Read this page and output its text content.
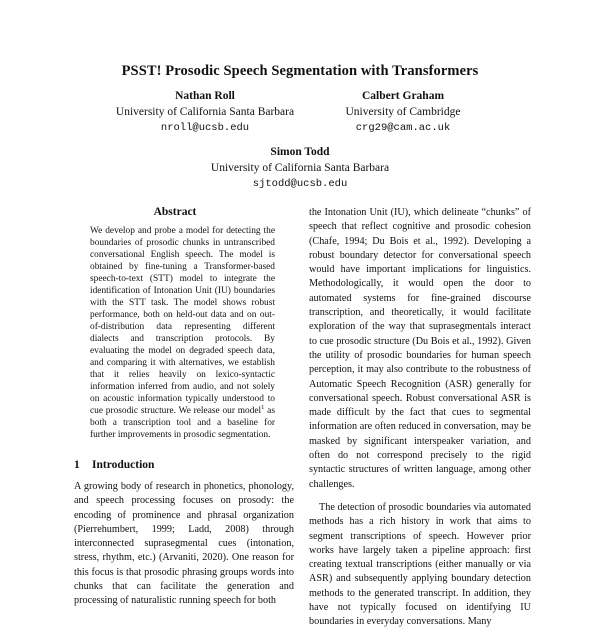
PSST! Prosodic Speech Segmentation with Transformers
Nathan Roll
University of California Santa Barbara
nroll@ucsb.edu
Calbert Graham
University of Cambridge
crg29@cam.ac.uk
Simon Todd
University of California Santa Barbara
sjtodd@ucsb.edu
Abstract
We develop and probe a model for detecting the boundaries of prosodic chunks in untranscribed conversational English speech. The model is obtained by fine-tuning a Transformer-based speech-to-text (STT) model to integrate the identification of Intonation Unit (IU) boundaries with the STT task. The model shows robust performance, both on held-out data and on out-of-distribution data representing different dialects and transcription protocols. By evaluating the model on degraded speech data, and comparing it with alternatives, we establish that it relies heavily on lexico-syntactic information inferred from audio, and not solely on acoustic information typically understood to cue prosodic structure. We release our model$^1$ as both a transcription tool and a baseline for further improvements in prosodic segmentation.
1 Introduction
A growing body of research in phonetics, phonology, and speech processing focuses on prosody: the encoding of prominence and phrasal organization (Pierrehumbert, 1999; Ladd, 2008) through interconnected suprasegmental cues (intonation, stress, rhythm, etc.) (Arvaniti, 2020). One reason for this focus is that prosodic phrasing groups words into chunks that can facilitate the generation and processing of naturalistic running speech for both

the Intonation Unit (IU), which delineate “chunks” of speech that reflect cognitive and prosodic cohesion (Chafe, 1994; Du Bois et al., 1992). Developing a robust boundary detector for conversational speech would have important implications for linguistics. Methodologically, it would open the door to automated systems for fine-grained discourse transcription, and theoretically, it would facilitate exploration of the way that suprasegmentals interact to cue prosodic structure (Du Bois et al., 1992). Given the utility of prosodic boundaries for human speech perception, it may also contribute to the robustness of Automatic Speech Recognition (ASR) generally for conversational speech. Robust conversational ASR is made difficult by the fact that cues to segmental information are often reduced in conversation, may be masked by significant interspeaker variation, and often do not correspond precisely to the rigid syntactic structures of written language, among other challenges.

The detection of prosodic boundaries via automated methods has a rich history in work that aims to segment transcriptions of speech. However prior works have largely taken a pipeline approach: first creating textual transcriptions (either manually or via ASR) and subsequently applying boundary detection methods to the generated transcript. In addition, they have not typically focused on identifying IU boundaries in everyday conversations. Many
